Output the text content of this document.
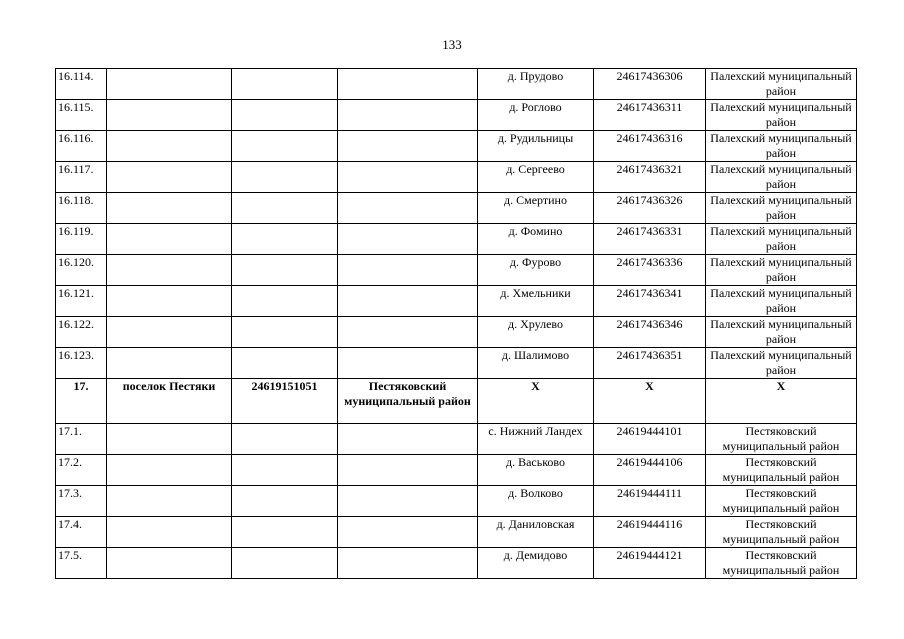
133
16.114.				д. Прудово	24617436306	Палехский муниципальный район
16.115.				д. Роглово	24617436311	Палехский муниципальный район
16.116.				д. Рудильницы	24617436316	Палехский муниципальный район
16.117.				д. Сергеево	24617436321	Палехский муниципальный район
16.118.				д. Смертино	24617436326	Палехский муниципальный район
16.119.				д. Фомино	24617436331	Палехский муниципальный район
16.120.				д. Фурово	24617436336	Палехский муниципальный район
16.121.				д. Хмельники	24617436341	Палехский муниципальный район
16.122.				д. Хрулево	24617436346	Палехский муниципальный район
16.123.				д. Шалимово	24617436351	Палехский муниципальный район
17.	поселок Пестяки	24619151051	Пестяковский муниципальный район	Х	Х	Х
17.1.				с. Нижний Ландех	24619444101	Пестяковский муниципальный район
17.2.				д. Васьково	24619444106	Пестяковский муниципальный район
17.3.				д. Волково	24619444111	Пестяковский муниципальный район
17.4.				д. Даниловская	24619444116	Пестяковский муниципальный район
17.5.				д. Демидово	24619444121	Пестяковский муниципальный район
